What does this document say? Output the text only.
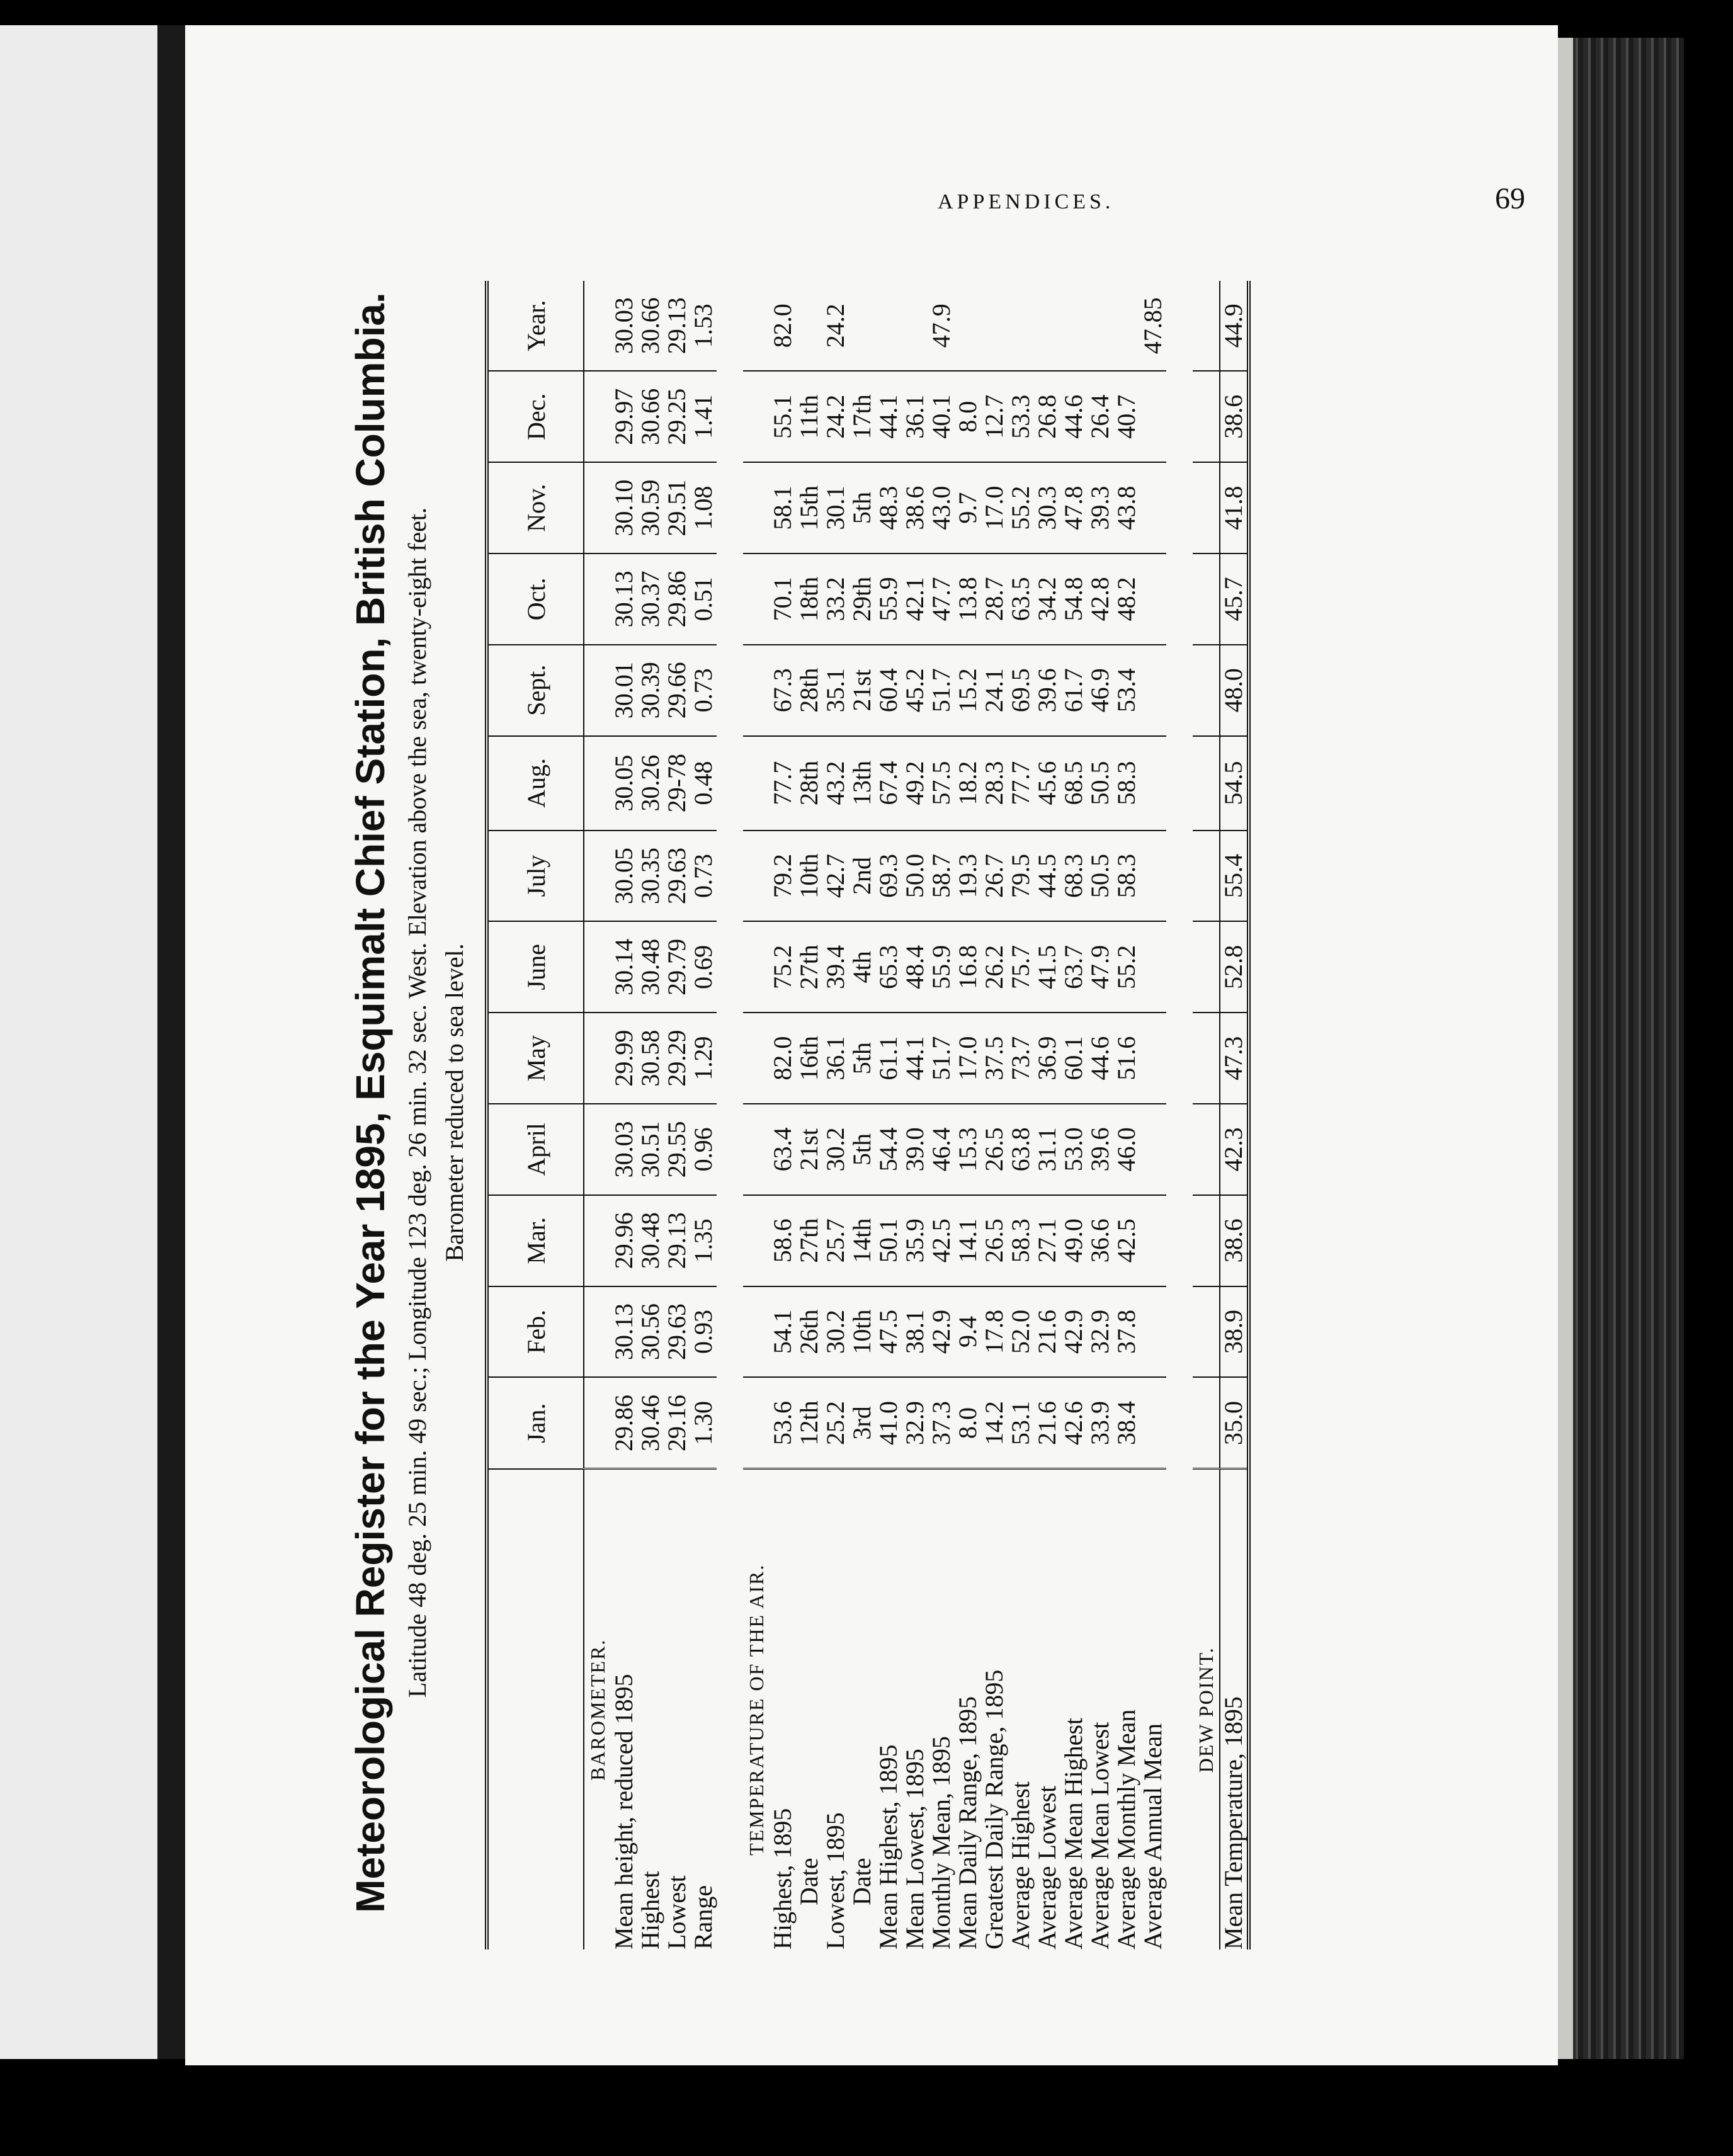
APPENDICES.	69
Meteorological Register for the Year 1895, Esquimalt Chief Station, British Columbia. Latitude 48 deg. 25 min. 49 sec.; Longitude 123 deg. 26 min. 32 sec. West. Elevation above the sea, twenty-eight feet. Barometer reduced to sea level.
	Jan.	Feb.	Mar.	April	May	June	July	Aug.	Sept.	Oct.	Nov.	Dec.	Year.
BAROMETER.													
Mean height, reduced 1895	29.86	30.13	29.96	30.03	29.99	30.14	30.05	30.05	30.01	30.13	30.10	29.97	30.03
Highest	30.46	30.56	30.48	30.51	30.58	30.48	30.35	30.26	30.39	30.37	30.59	30.66	30.66
Lowest	29.16	29.63	29.13	29.55	29.29	29.79	29.63	29-78	29.66	29.86	29.51	29.25	29.13
Range	1.30	0.93	1.35	0.96	1.29	0.69	0.73	0.48	0.73	0.51	1.08	1.41	1.53

TEMPERATURE OF THE AIR.													
Highest, 1895	53.6	54.1	58.6	63.4	82.0	75.2	79.2	77.7	67.3	70.1	58.1	55.1	82.0
Date	12th	26th	27th	21st	16th	27th	10th	28th	28th	18th	15th	11th	
Lowest, 1895	25.2	30.2	25.7	30.2	36.1	39.4	42.7	43.2	35.1	33.2	30.1	24.2	24.2
Date	3rd	10th	14th	5th	5th	4th	2nd	13th	21st	29th	5th	17th	
Mean Highest, 1895	41.0	47.5	50.1	54.4	61.1	65.3	69.3	67.4	60.4	55.9	48.3	44.1	
Mean Lowest, 1895	32.9	38.1	35.9	39.0	44.1	48.4	50.0	49.2	45.2	42.1	38.6	36.1	
Monthly Mean, 1895	37.3	42.9	42.5	46.4	51.7	55.9	58.7	57.5	51.7	47.7	43.0	40.1	47.9
Mean Daily Range, 1895	8.0	9.4	14.1	15.3	17.0	16.8	19.3	18.2	15.2	13.8	9.7	8.0	
Greatest Daily Range, 1895	14.2	17.8	26.5	26.5	37.5	26.2	26.7	28.3	24.1	28.7	17.0	12.7	
Average Highest	53.1	52.0	58.3	63.8	73.7	75.7	79.5	77.7	69.5	63.5	55.2	53.3	
Average Lowest	21.6	21.6	27.1	31.1	36.9	41.5	44.5	45.6	39.6	34.2	30.3	26.8	
Average Mean Highest	42.6	42.9	49.0	53.0	60.1	63.7	68.3	68.5	61.7	54.8	47.8	44.6	
Average Mean Lowest	33.9	32.9	36.6	39.6	44.6	47.9	50.5	50.5	46.9	42.8	39.3	26.4	
Average Monthly Mean	38.4	37.8	42.5	46.0	51.6	55.2	58.3	58.3	53.4	48.2	43.8	40.7	
Average Annual Mean													47.85

DEW POINT.													
Mean Temperature, 1895	35.0	38.9	38.6	42.3	47.3	52.8	55.4	54.5	48.0	45.7	41.8	38.6	44.9
